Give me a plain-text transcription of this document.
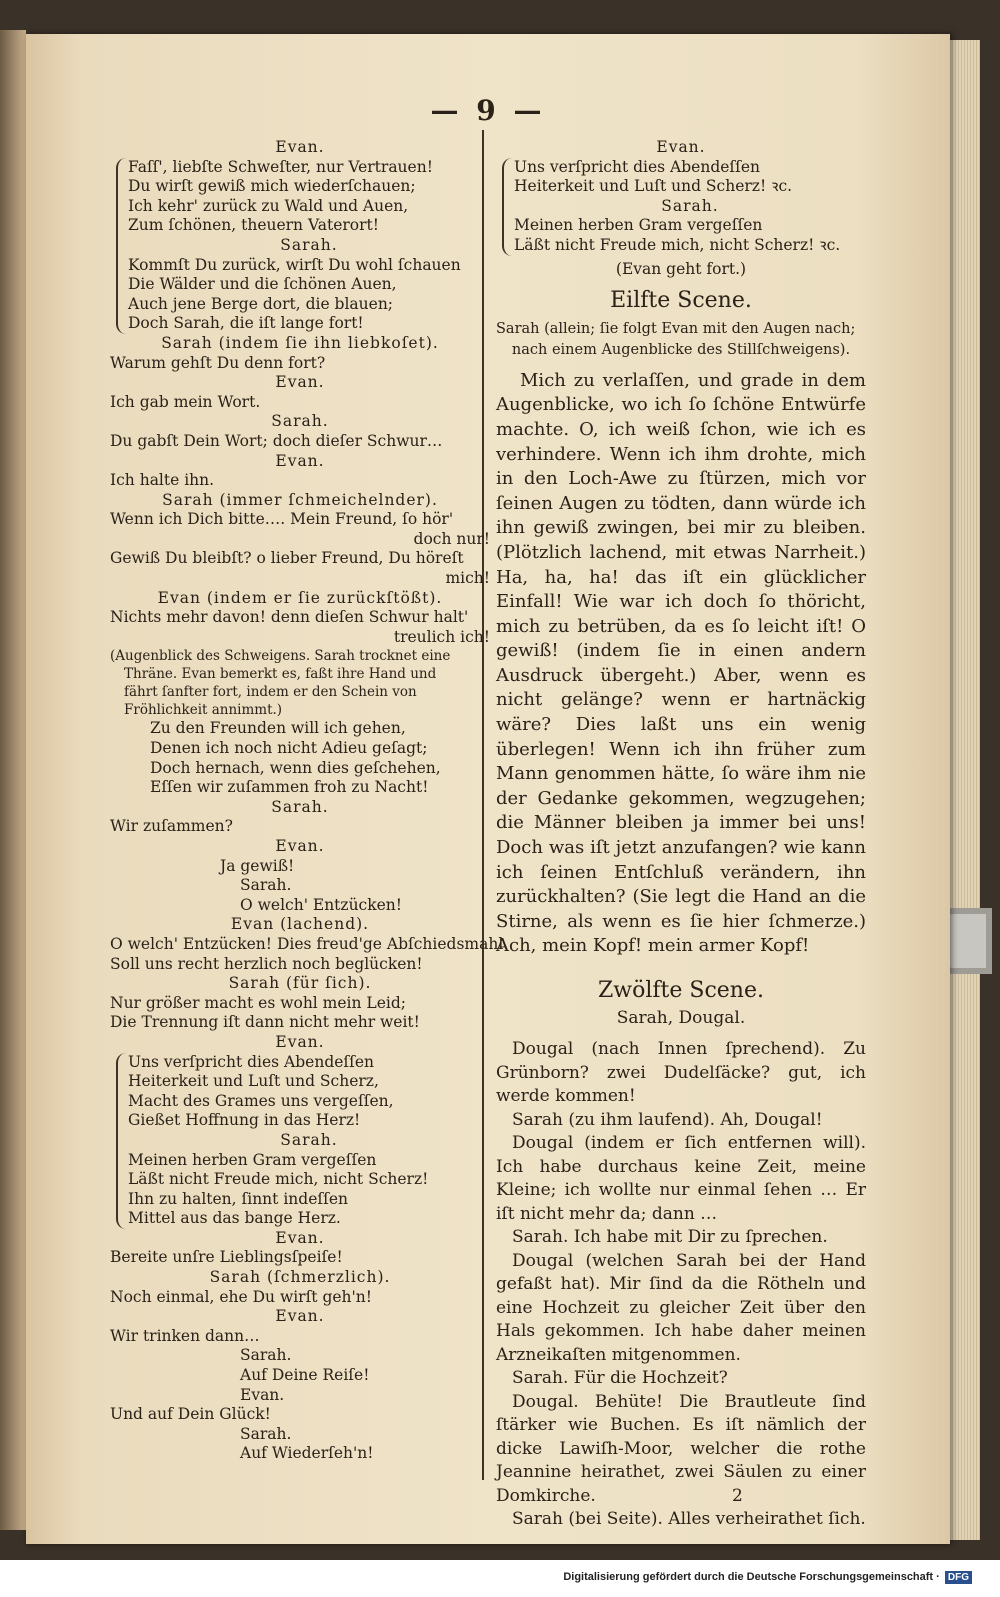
— 9 —
Evan.
Faſſ', liebſte Schweſter, nur Vertrauen!
Du wirſt gewiß mich wiederſchauen;
Ich kehr' zurück zu Wald und Auen,
Zum ſchönen, theuern Vaterort!
Sarah.
Kommſt Du zurück, wirſt Du wohl ſchauen
Die Wälder und die ſchönen Auen,
Auch jene Berge dort, die blauen;
Doch Sarah, die iſt lange fort!
Sarah (indem ſie ihn liebkoſet).
Warum gehſt Du denn fort?
Evan.
Ich gab mein Wort.
Sarah.
Du gabſt Dein Wort; doch dieſer Schwur…
Evan.
Ich halte ihn.
Sarah (immer ſchmeichelnder).
Wenn ich Dich bitte…. Mein Freund, ſo hör'
doch nur!
Gewiß Du bleibſt? o lieber Freund, Du höreſt
mich!
Evan (indem er ſie zurückſtößt).
Nichts mehr davon! denn dieſen Schwur halt'
treulich ich!
(Augenblick des Schweigens. Sarah trocknet eine
Thräne. Evan bemerkt es, faßt ihre Hand und
fährt ſanfter fort, indem er den Schein von
Fröhlichkeit annimmt.)
Zu den Freunden will ich gehen,
Denen ich noch nicht Adieu geſagt;
Doch hernach, wenn dies geſchehen,
Eſſen wir zuſammen froh zu Nacht!
Sarah.
Wir zuſammen?
Evan.
Ja gewiß!
Sarah.
O welch' Entzücken!
Evan (lachend).
O welch' Entzücken! Dies freud'ge Abſchiedsmahl
Soll uns recht herzlich noch beglücken!
Sarah (für ſich).
Nur größer macht es wohl mein Leid;
Die Trennung iſt dann nicht mehr weit!
Evan.
Uns verſpricht dies Abendeſſen
Heiterkeit und Luſt und Scherz,
Macht des Grames uns vergeſſen,
Gießet Hoffnung in das Herz!
Sarah.
Meinen herben Gram vergeſſen
Läßt nicht Freude mich, nicht Scherz!
Ihn zu halten, ſinnt indeſſen
Mittel aus das bange Herz.
Evan.
Bereite unſre Lieblingsſpeiſe!
Sarah (ſchmerzlich).
Noch einmal, ehe Du wirſt geh'n!
Evan.
Wir trinken dann…
Sarah.
Auf Deine Reiſe!
Evan.
Und auf Dein Glück!
Sarah.
Auf Wiederſeh'n!
Evan.
Uns verſpricht dies Abendeſſen
Heiterkeit und Luſt und Scherz! ꝛc.
Sarah.
Meinen herben Gram vergeſſen
Läßt nicht Freude mich, nicht Scherz! ꝛc.
(Evan geht fort.)
Eilfte Scene.
Sarah (allein; ſie folgt Evan mit den Augen nach;
nach einem Augenblicke des Stillſchweigens).
Mich zu verlaſſen, und grade in dem Augenblicke, wo ich ſo ſchöne Entwürfe machte. O, ich weiß ſchon, wie ich es verhindere. Wenn ich ihm drohte, mich in den Loch-Awe zu ſtürzen, mich vor ſeinen Augen zu tödten, dann würde ich ihn gewiß zwingen, bei mir zu bleiben. (Plötzlich lachend, mit etwas Narrheit.) Ha, ha, ha! das iſt ein glücklicher Einfall! Wie war ich doch ſo thöricht, mich zu betrüben, da es ſo leicht iſt! O gewiß! (indem ſie in einen andern Ausdruck übergeht.) Aber, wenn es nicht gelänge? wenn er hartnäckig wäre? Dies laßt uns ein wenig überlegen! Wenn ich ihn früher zum Mann genommen hätte, ſo wäre ihm nie der Gedanke gekommen, wegzugehen; die Männer bleiben ja immer bei uns! Doch was iſt jetzt anzufangen? wie kann ich ſeinen Entſchluß verändern, ihn zurückhalten? (Sie legt die Hand an die Stirne, als wenn es ſie hier ſchmerze.) Ach, mein Kopf! mein armer Kopf!
Zwölfte Scene.
Sarah, Dougal.
Dougal (nach Innen ſprechend). Zu Grünborn? zwei Dudelſäcke? gut, ich werde kommen!
Sarah (zu ihm laufend). Ah, Dougal!
Dougal (indem er ſich entfernen will). Ich habe durchaus keine Zeit, meine Kleine; ich wollte nur einmal ſehen … Er iſt nicht mehr da; dann …
Sarah. Ich habe mit Dir zu ſprechen.
Dougal (welchen Sarah bei der Hand gefaßt hat). Mir ſind da die Rötheln und eine Hochzeit zu gleicher Zeit über den Hals gekommen. Ich habe daher meinen Arzneikaſten mitgenommen.
Sarah. Für die Hochzeit?
Dougal. Behüte! Die Brautleute ſind ſtärker wie Buchen. Es iſt nämlich der dicke Lawiſh-Moor, welcher die rothe Jeannine heirathet, zwei Säulen zu einer Domkirche.
Sarah (bei Seite). Alles verheirathet ſich.
2
Digitalisierung gefördert durch die Deutsche Forschungsgemeinschaft · DFG
